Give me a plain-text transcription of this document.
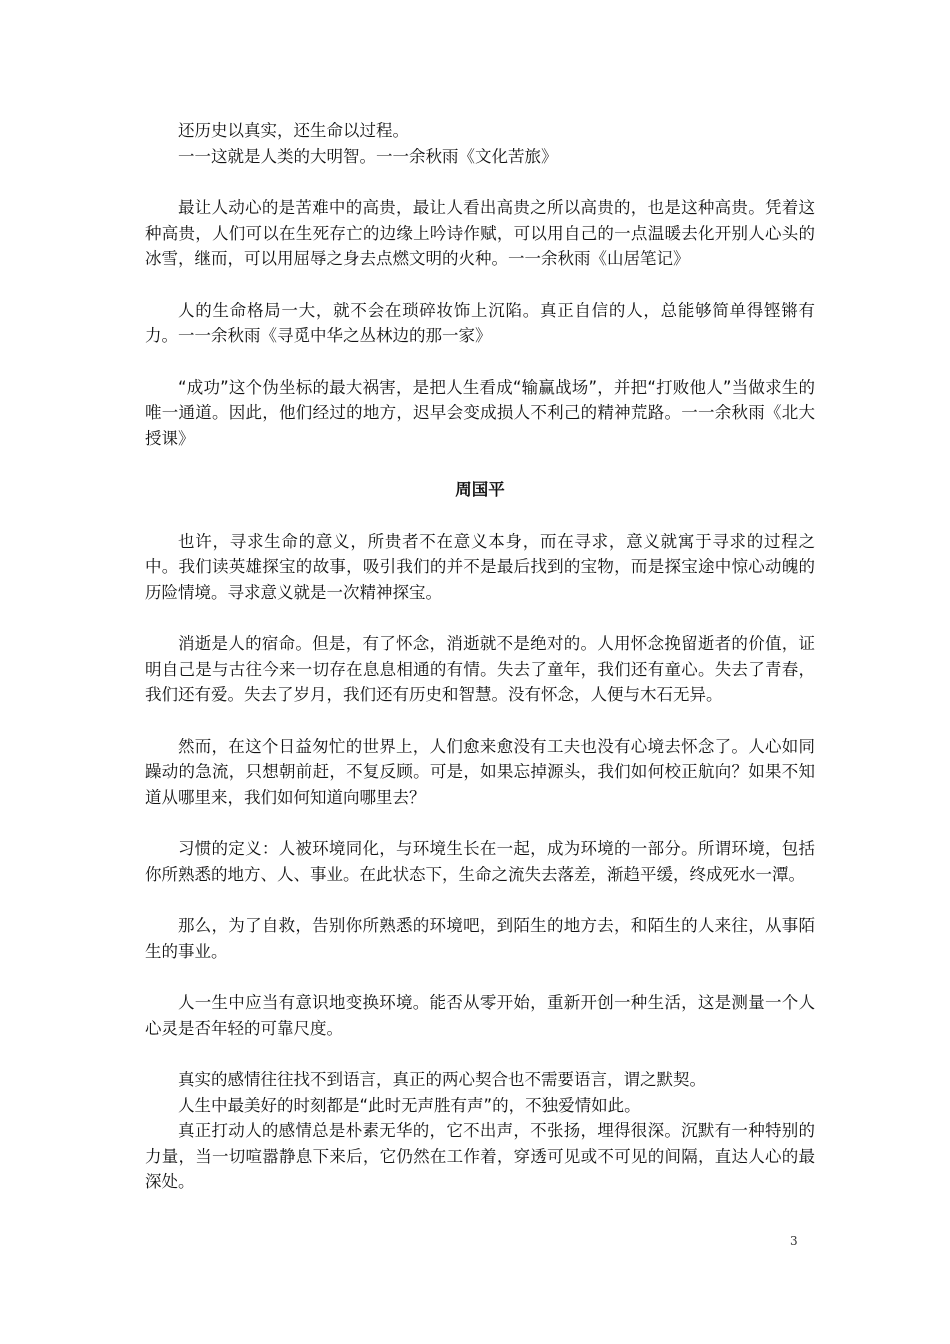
还历史以真实，还生命以过程。

一一这就是人类的大明智。一一余秋雨《文化苦旅》

最让人动心的是苦难中的高贵，最让人看出高贵之所以高贵的，也是这种高贵。凭着这种高贵，人们可以在生死存亡的边缘上吟诗作赋，可以用自己的一点温暖去化开别人心头的冰雪，继而，可以用屈辱之身去点燃文明的火种。一一余秋雨《山居笔记》

人的生命格局一大，就不会在琐碎妆饰上沉陷。真正自信的人，总能够简单得铿锵有力。一一余秋雨《寻觅中华之丛林边的那一家》

“成功”这个伪坐标的最大祸害，是把人生看成“输赢战场”，并把“打败他人”当做求生的唯一通道。因此，他们经过的地方，迟早会变成损人不利己的精神荒路。一一余秋雨《北大授课》

周国平

也许，寻求生命的意义，所贵者不在意义本身，而在寻求，意义就寓于寻求的过程之中。我们读英雄探宝的故事，吸引我们的并不是最后找到的宝物，而是探宝途中惊心动魄的历险情境。寻求意义就是一次精神探宝。

消逝是人的宿命。但是，有了怀念，消逝就不是绝对的。人用怀念挽留逝者的价值，证明自己是与古往今来一切存在息息相通的有情。失去了童年，我们还有童心。失去了青春，我们还有爱。失去了岁月，我们还有历史和智慧。没有怀念，人便与木石无异。

然而，在这个日益匆忙的世界上，人们愈来愈没有工夫也没有心境去怀念了。人心如同躁动的急流，只想朝前赶，不复反顾。可是，如果忘掉源头，我们如何校正航向？如果不知道从哪里来，我们如何知道向哪里去？

习惯的定义：人被环境同化，与环境生长在一起，成为环境的一部分。所谓环境，包括你所熟悉的地方、人、事业。在此状态下，生命之流失去落差，渐趋平缓，终成死水一潭。

那么，为了自救，告别你所熟悉的环境吧，到陌生的地方去，和陌生的人来往，从事陌生的事业。

人一生中应当有意识地变换环境。能否从零开始，重新开创一种生活，这是测量一个人心灵是否年轻的可靠尺度。

真实的感情往往找不到语言，真正的两心契合也不需要语言，谓之默契。

人生中最美好的时刻都是“此时无声胜有声”的，不独爱情如此。

真正打动人的感情总是朴素无华的，它不出声，不张扬，埋得很深。沉默有一种特别的力量，当一切喧嚣静息下来后，它仍然在工作着，穿透可见或不可见的间隔，直达人心的最深处。

3
